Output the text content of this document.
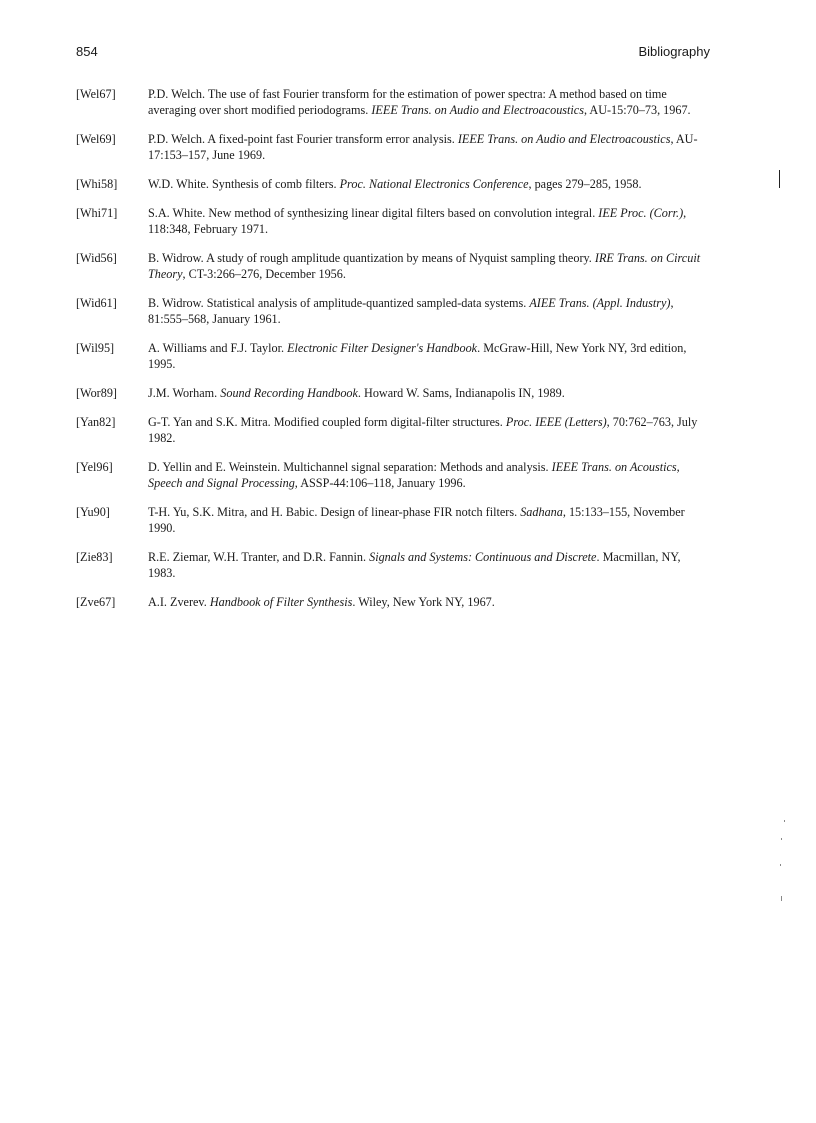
854	Bibliography
[Wel67]	P.D. Welch. The use of fast Fourier transform for the estimation of power spectra: A method based on time averaging over short modified periodograms. IEEE Trans. on Audio and Electroacoustics, AU-15:70–73, 1967.
[Wel69]	P.D. Welch. A fixed-point fast Fourier transform error analysis. IEEE Trans. on Audio and Electroacoustics, AU-17:153–157, June 1969.
[Whi58]	W.D. White. Synthesis of comb filters. Proc. National Electronics Conference, pages 279–285, 1958.
[Whi71]	S.A. White. New method of synthesizing linear digital filters based on convolution integral. IEE Proc. (Corr.), 118:348, February 1971.
[Wid56]	B. Widrow. A study of rough amplitude quantization by means of Nyquist sampling theory. IRE Trans. on Circuit Theory, CT-3:266–276, December 1956.
[Wid61]	B. Widrow. Statistical analysis of amplitude-quantized sampled-data systems. AIEE Trans. (Appl. Industry), 81:555–568, January 1961.
[Wil95]	A. Williams and F.J. Taylor. Electronic Filter Designer's Handbook. McGraw-Hill, New York NY, 3rd edition, 1995.
[Wor89]	J.M. Worham. Sound Recording Handbook. Howard W. Sams, Indianapolis IN, 1989.
[Yan82]	G-T. Yan and S.K. Mitra. Modified coupled form digital-filter structures. Proc. IEEE (Letters), 70:762–763, July 1982.
[Yel96]	D. Yellin and E. Weinstein. Multichannel signal separation: Methods and analysis. IEEE Trans. on Acoustics, Speech and Signal Processing, ASSP-44:106–118, January 1996.
[Yu90]	T-H. Yu, S.K. Mitra, and H. Babic. Design of linear-phase FIR notch filters. Sadhana, 15:133–155, November 1990.
[Zie83]	R.E. Ziemar, W.H. Tranter, and D.R. Fannin. Signals and Systems: Continuous and Discrete. Macmillan, NY, 1983.
[Zve67]	A.I. Zverev. Handbook of Filter Synthesis. Wiley, New York NY, 1967.
